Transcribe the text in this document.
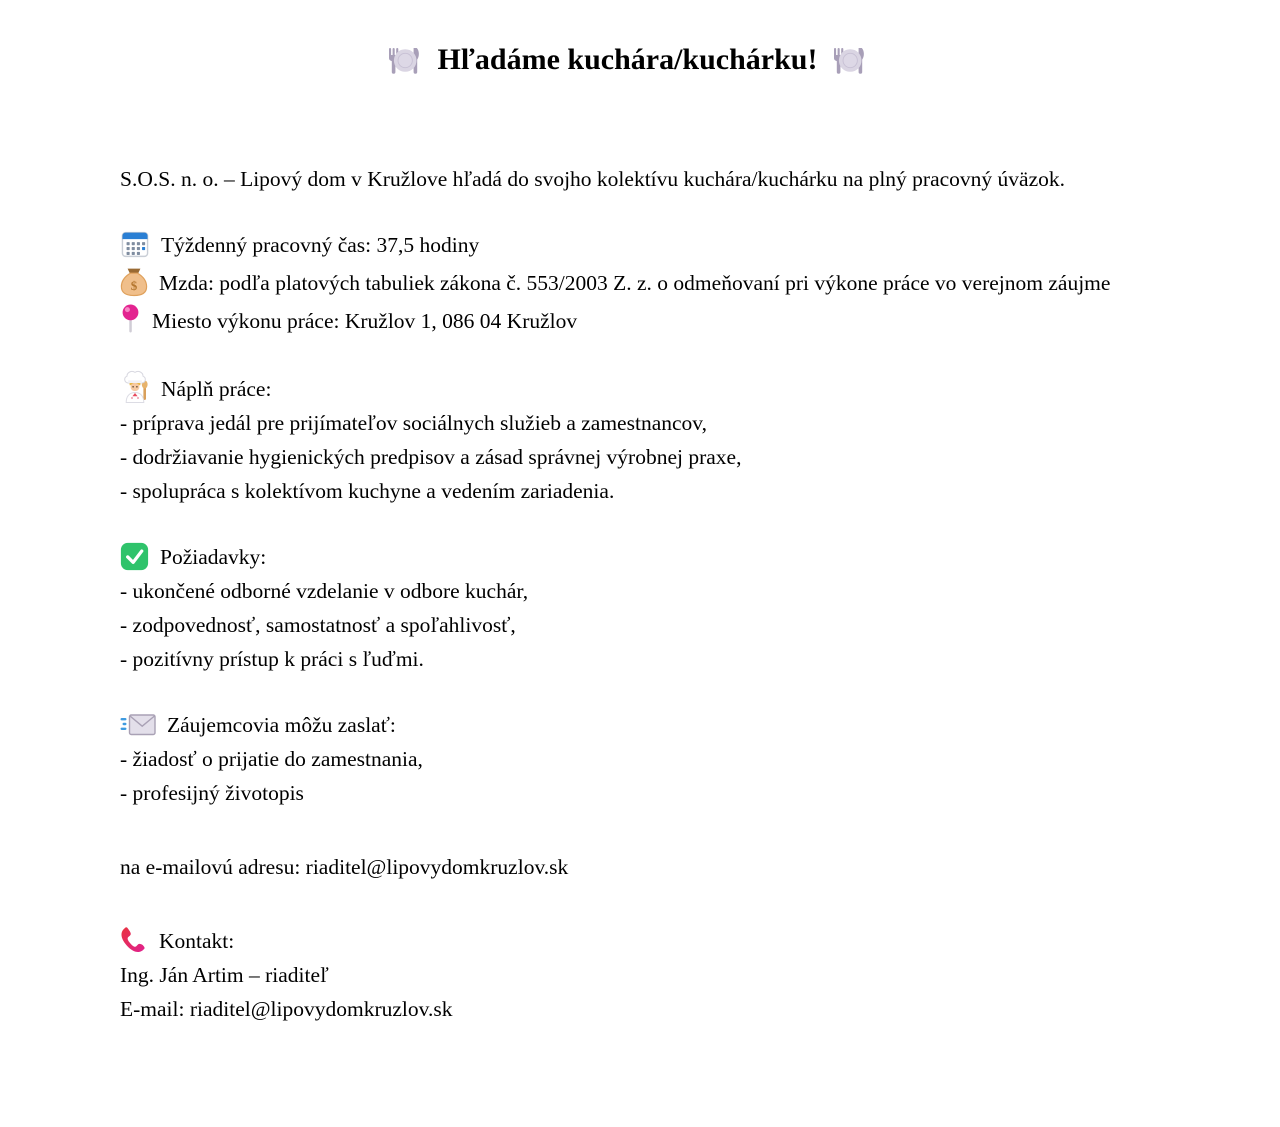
Hľadáme kuchára/kuchárku!

S.O.S. n. o. – Lipový dom v Kružlove hľadá do svojho kolektívu kuchára/kuchárku na plný pracovný úväzok.

Týždenný pracovný čas: 37,5 hodiny

$ Mzda: podľa platových tabuliek zákona č. 553/2003 Z. z. o odmeňovaní pri výkone práce vo verejnom záujme

Miesto výkonu práce: Kružlov 1, 086 04 Kružlov

Náplň práce:

- príprava jedál pre prijímateľov sociálnych služieb a zamestnancov,

- dodržiavanie hygienických predpisov a zásad správnej výrobnej praxe,

- spolupráca s kolektívom kuchyne a vedením zariadenia.

Požiadavky:

- ukončené odborné vzdelanie v odbore kuchár,

- zodpovednosť, samostatnosť a spoľahlivosť,

- pozitívny prístup k práci s ľuďmi.

Záujemcovia môžu zaslať:

- žiadosť o prijatie do zamestnania,

- profesijný životopis

na e-mailovú adresu: riaditel@lipovydomkruzlov.sk

Kontakt:

Ing. Ján Artim – riaditeľ

E-mail: riaditel@lipovydomkruzlov.sk
